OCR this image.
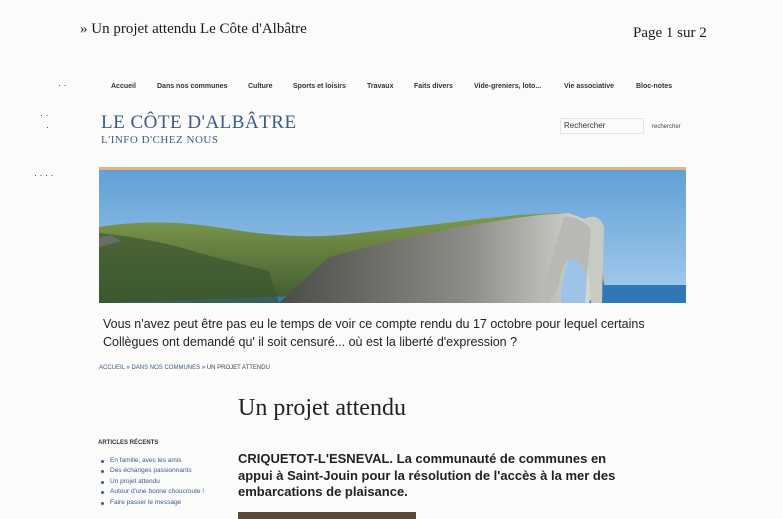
» Un projet attendu Le Côte d'Albâtre	Page 1 sur 2
· ·
· ·
·
· · · ·
Accueil	Dans nos communes	Culture	Sports et loisirs	Travaux	Faits divers	Vide-greniers, loto...	Vie associative	Bloc-notes
LE CÔTE D'ALBÂTRE
L'INFO D'CHEZ NOUS
Rechercher	rechercher
Vous n'avez peut être pas eu le temps de voir ce compte rendu du 17 octobre pour lequel certains
Collègues ont demandé qu' il soit censuré... où est la liberté d'expression ?
ACCUEIL » DANS NOS COMMUNES » UN PROJET ATTENDU
Un projet attendu
ARTICLES RÉCENTS
En famille, avec les amis
Des échanges passionnants
Un projet attendu
Autour d'une bonne choucroute !
Faire passer le message
CRIQUETOT-L'ESNEVAL. La communauté de communes en
appui à Saint-Jouin pour la résolution de l'accès à la mer des
embarcations de plaisance.
